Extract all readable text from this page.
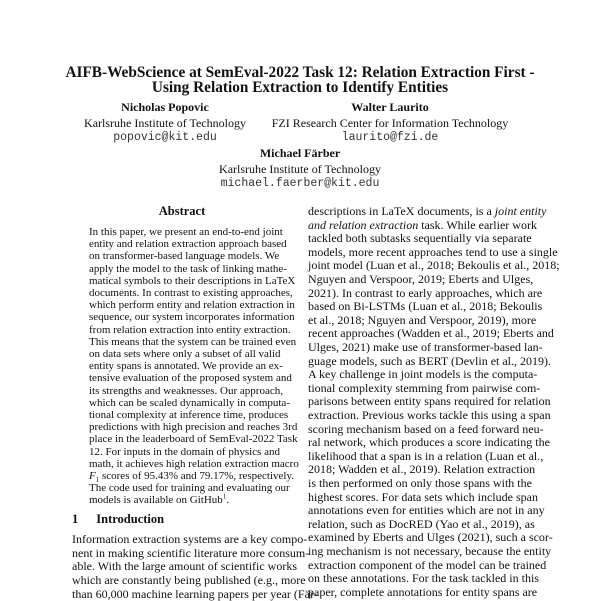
AIFB-WebScience at SemEval-2022 Task 12: Relation Extraction First -
Using Relation Extraction to Identify Entities
Nicholas Popovic
Karlsruhe Institute of Technology
popovic@kit.edu
Walter Laurito
FZI Research Center for Information Technology
laurito@fzi.de
Michael Färber
Karlsruhe Institute of Technology
michael.faerber@kit.edu
Abstract
In this paper, we present an end-to-end joint
entity and relation extraction approach based
on transformer-based language models. We
apply the model to the task of linking mathe-
matical symbols to their descriptions in LaTeX
documents. In contrast to existing approaches,
which perform entity and relation extraction in
sequence, our system incorporates information
from relation extraction into entity extraction.
This means that the system can be trained even
on data sets where only a subset of all valid
entity spans is annotated. We provide an ex-
tensive evaluation of the proposed system and
its strengths and weaknesses. Our approach,
which can be scaled dynamically in computa-
tional complexity at inference time, produces
predictions with high precision and reaches 3rd
place in the leaderboard of SemEval-2022 Task
12. For inputs in the domain of physics and
math, it achieves high relation extraction macro
$F_1$ scores of 95.43% and 79.17%, respectively.
The code used for training and evaluating our
models is available on GitHub$^1$.
1 Introduction
Information extraction systems are a key compo-
nent in making scientific literature more consum-
able. With the large amount of scientific works
which are constantly being published (e.g., more
than 60,000 machine learning papers per year (Fär-
descriptions in LaTeX documents, is a joint entity
and relation extraction task. While earlier work
tackled both subtasks sequentially via separate
models, more recent approaches tend to use a single
joint model (Luan et al., 2018; Bekoulis et al., 2018;
Nguyen and Verspoor, 2019; Eberts and Ulges,
2021). In contrast to early approaches, which are
based on Bi-LSTMs (Luan et al., 2018; Bekoulis
et al., 2018; Nguyen and Verspoor, 2019), more
recent approaches (Wadden et al., 2019; Eberts and
Ulges, 2021) make use of transformer-based lan-
guage models, such as BERT (Devlin et al., 2019).
A key challenge in joint models is the computa-
tional complexity stemming from pairwise com-
parisons between entity spans required for relation
extraction. Previous works tackle this using a span
scoring mechanism based on a feed forward neu-
ral network, which produces a score indicating the
likelihood that a span is in a relation (Luan et al.,
2018; Wadden et al., 2019). Relation extraction
is then performed on only those spans with the
highest scores. For data sets which include span
annotations even for entities which are not in any
relation, such as DocRED (Yao et al., 2019), as
examined by Eberts and Ulges (2021), such a scor-
ing mechanism is not necessary, because the entity
extraction component of the model can be trained
on these annotations. For the task tackled in this
paper, complete annotations for entity spans are
